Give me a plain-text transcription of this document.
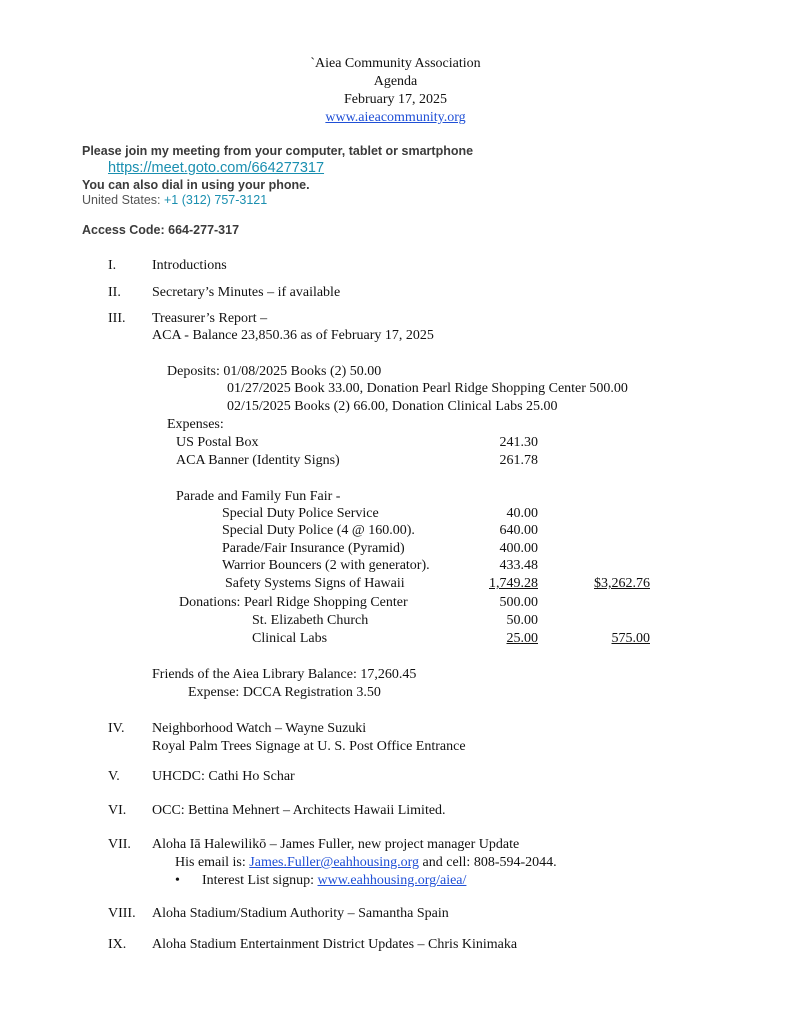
`Aiea Community Association
Agenda
February 17, 2025
www.aieacommunity.org
Please join my meeting from your computer, tablet or smartphone
https://meet.goto.com/664277317
You can also dial in using your phone.
United States: +1 (312) 757-3121
Access Code: 664-277-317
I.	Introductions
II. Secretary’s Minutes – if available
III. Treasurer’s Report –
ACA - Balance 23,850.36 as of February 17, 2025
Deposits: 01/08/2025 Books (2) 50.00
01/27/2025 Book 33.00, Donation Pearl Ridge Shopping Center 500.00
02/15/2025 Books (2) 66.00, Donation Clinical Labs 25.00
Expenses:
US Postal Box	241.30
ACA Banner (Identity Signs)	261.78
Parade and Family Fun Fair -
Special Duty Police Service	40.00
Special Duty Police (4 @ 160.00).	640.00
Parade/Fair Insurance (Pyramid)	400.00
Warrior Bouncers (2 with generator).	433.48
Safety Systems Signs of Hawaii	1,749.28	$3,262.76
Donations: Pearl Ridge Shopping Center	500.00
St. Elizabeth Church	50.00
Clinical Labs	25.00	575.00
Friends of the Aiea Library Balance: 17,260.45
Expense: DCCA Registration 3.50
IV. Neighborhood Watch – Wayne Suzuki
Royal Palm Trees Signage at U. S. Post Office Entrance
V. UHCDC: Cathi Ho Schar
VI. OCC: Bettina Mehnert – Architects Hawaii Limited.
VII. Aloha Iā Halewilikō – James Fuller, new project manager Update
His email is: James.Fuller@eahhousing.org and cell: 808-594-2044.
• Interest List signup: www.eahhousing.org/aiea/
VIII. Aloha Stadium/Stadium Authority – Samantha Spain
IX. Aloha Stadium Entertainment District Updates – Chris Kinimaka
